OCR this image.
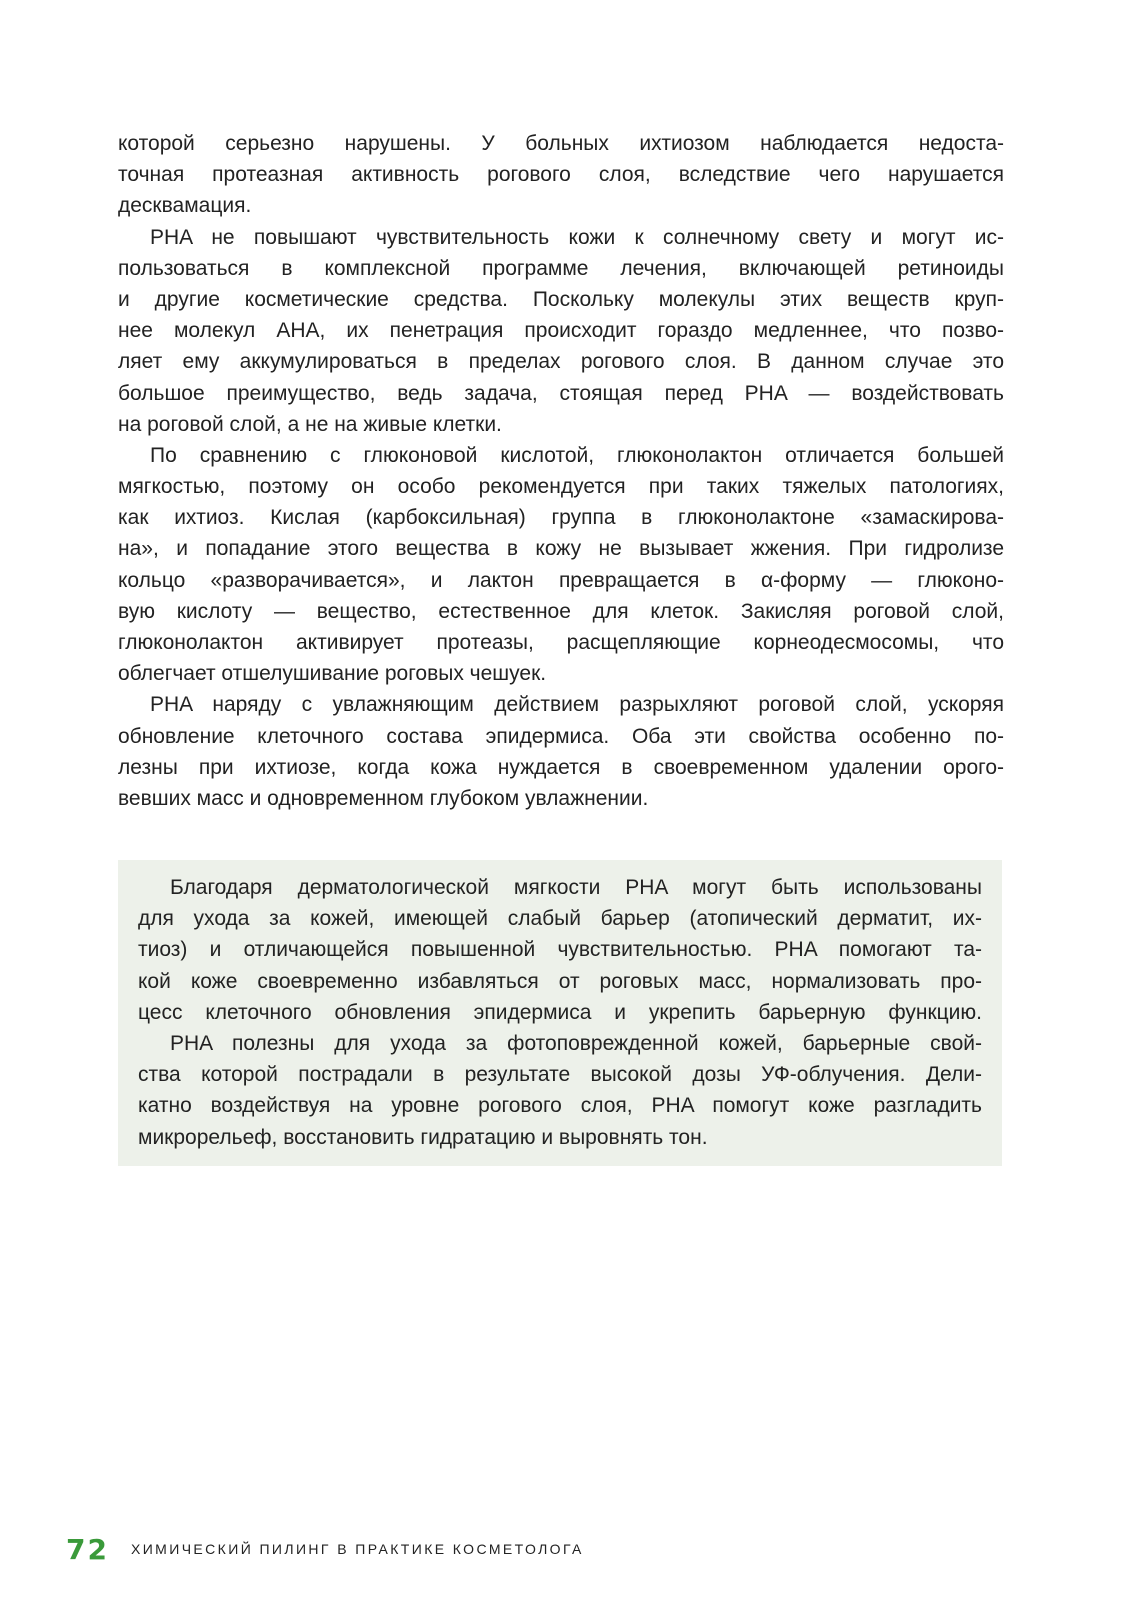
которой серьезно нарушены. У больных ихтиозом наблюдается недоста-
точная протеазная активность рогового слоя, вследствие чего нарушается
десквамация.
PHA не повышают чувствительность кожи к солнечному свету и могут ис-
пользоваться в комплексной программе лечения, включающей ретиноиды
и другие косметические средства. Поскольку молекулы этих веществ круп-
нее молекул АНА, их пенетрация происходит гораздо медленнее, что позво-
ляет ему аккумулироваться в пределах рогового слоя. В данном случае это
большое преимущество, ведь задача, стоящая перед PHA — воздействовать
на роговой слой, а не на живые клетки.
По сравнению с глюконовой кислотой, глюконолактон отличается большей
мягкостью, поэтому он особо рекомендуется при таких тяжелых патологиях,
как ихтиоз. Кислая (карбоксильная) группа в глюконолактоне «замаскирова-
на», и попадание этого вещества в кожу не вызывает жжения. При гидролизе
кольцо «разворачивается», и лактон превращается в α-форму — глюконо-
вую кислоту — вещество, естественное для клеток. Закисляя роговой слой,
глюконолактон активирует протеазы, расщепляющие корнеодесмосомы, что
облегчает отшелушивание роговых чешуек.
PHA наряду с увлажняющим действием разрыхляют роговой слой, ускоряя
обновление клеточного состава эпидермиса. Оба эти свойства особенно по-
лезны при ихтиозе, когда кожа нуждается в своевременном удалении орого-
вевших масс и одновременном глубоком увлажнении.
Благодаря дерматологической мягкости PHA могут быть использованы
для ухода за кожей, имеющей слабый барьер (атопический дерматит, их-
тиоз) и отличающейся повышенной чувствительностью. PHA помогают та-
кой коже своевременно избавляться от роговых масс, нормализовать про-
цесс клеточного обновления эпидермиса и укрепить барьерную функцию.
PHA полезны для ухода за фотоповрежденной кожей, барьерные свой-
ства которой пострадали в результате высокой дозы УФ-облучения. Дели-
катно воздействуя на уровне рогового слоя, PHA помогут коже разгладить
микрорельеф, восстановить гидратацию и выровнять тон.
72 ХИМИЧЕСКИЙ ПИЛИНГ В ПРАКТИКЕ КОСМЕТОЛОГА
